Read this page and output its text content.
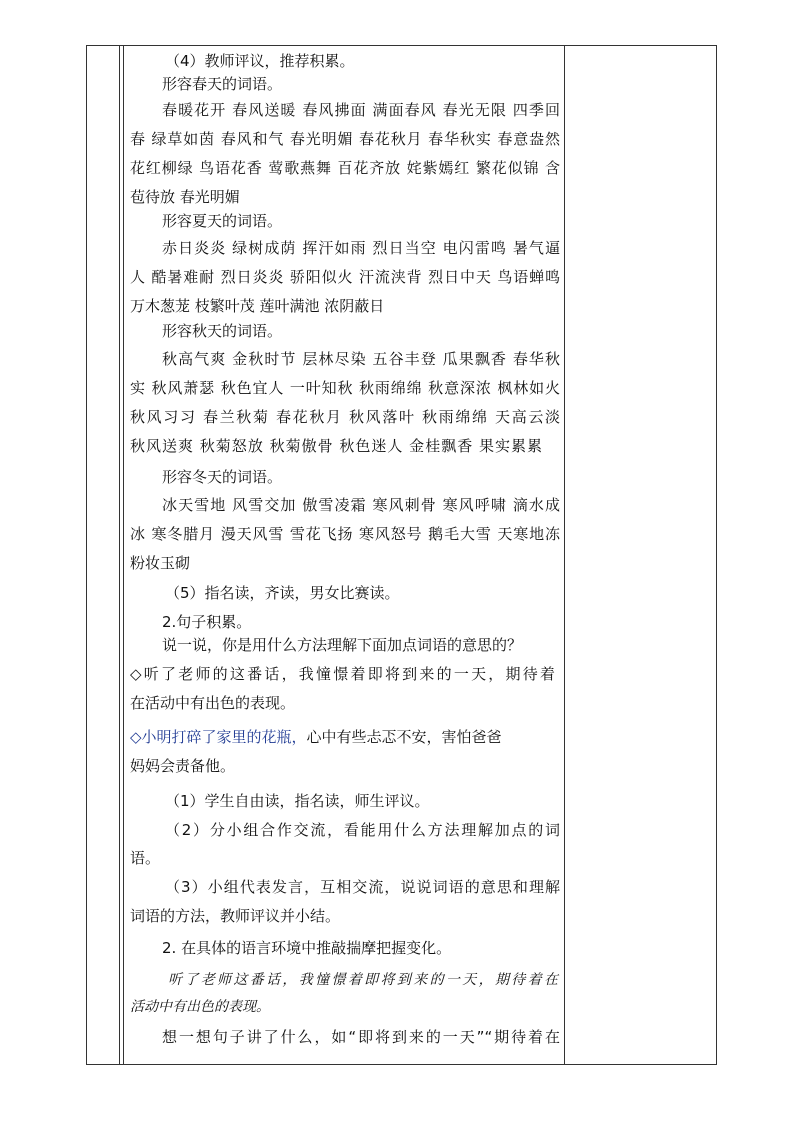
（4）教师评议，推荐积累。
形容春天的词语。
春暖花开 春风送暖 春风拂面 满面春风 春光无限 四季回
春 绿草如茵 春风和气 春光明媚 春花秋月 春华秋实 春意盎然
花红柳绿 鸟语花香 莺歌燕舞 百花齐放 姹紫嫣红 繁花似锦 含
苞待放 春光明媚
形容夏天的词语。
赤日炎炎 绿树成荫 挥汗如雨 烈日当空 电闪雷鸣 暑气逼
人 酷暑难耐 烈日炎炎 骄阳似火 汗流浃背 烈日中天 鸟语蝉鸣
万木葱茏 枝繁叶茂 莲叶满池 浓阴蔽日
形容秋天的词语。
秋高气爽 金秋时节 层林尽染 五谷丰登 瓜果飘香 春华秋
实 秋风萧瑟 秋色宜人 一叶知秋 秋雨绵绵 秋意深浓 枫林如火
秋风习习 春兰秋菊 春花秋月 秋风落叶 秋雨绵绵 天高云淡
秋风送爽 秋菊怒放 秋菊傲骨 秋色迷人 金桂飘香 果实累累
形容冬天的词语。
冰天雪地 风雪交加 傲雪凌霜 寒风刺骨 寒风呼啸 滴水成
冰 寒冬腊月 漫天风雪 雪花飞扬 寒风怒号 鹅毛大雪 天寒地冻
粉妆玉砌
（5）指名读，齐读，男女比赛读。
2.句子积累。
说一说，你是用什么方法理解下面加点词语的意思的？
◇听了老师的这番话，我憧憬着即将到来的一天，期待着
在活动中有出色的表现。
◇小明打碎了家里的花瓶，心中有些忐忑不安，害怕爸爸
妈妈会责备他。
（1）学生自由读，指名读，师生评议。
（2）分小组合作交流，看能用什么方法理解加点的词
语。
（3）小组代表发言，互相交流，说说词语的意思和理解
词语的方法，教师评议并小结。
2. 在具体的语言环境中推敲揣摩把握变化。
听了老师这番话，我憧憬着即将到来的一天，期待着在
活动中有出色的表现。
想一想句子讲了什么，如“即将到来的一天”“期待着在
